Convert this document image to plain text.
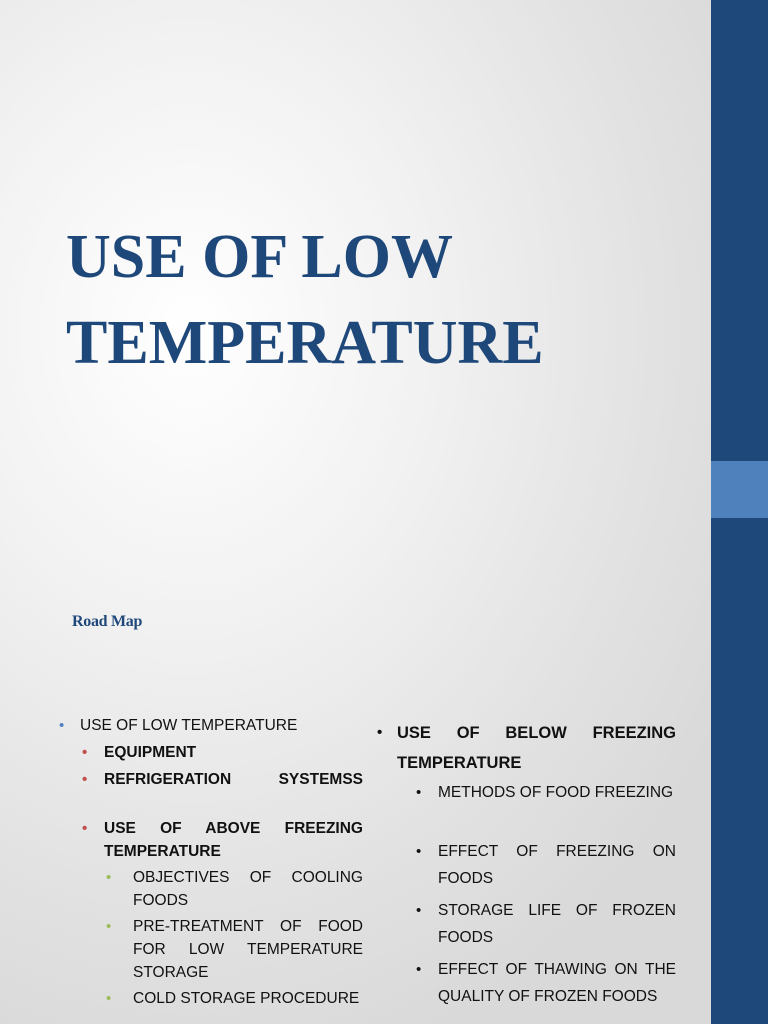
USE OF LOW
TEMPERATURE

Road Map

• USE OF LOW TEMPERATURE
• EQUIPMENT
• REFRIGERATION SYSTEMSS
• USE OF ABOVE FREEZING TEMPERATURE
• OBJECTIVES OF COOLING FOODS
• PRE-TREATMENT OF FOOD FOR LOW TEMPERATURE STORAGE
• COLD STORAGE PROCEDURE
• USE OF BELOW FREEZING TEMPERATURE
• METHODS OF FOOD FREEZING
• EFFECT OF FREEZING ON FOODS
• STORAGE LIFE OF FROZEN FOODS
• EFFECT OF THAWING ON THE QUALITY OF FROZEN FOODS
